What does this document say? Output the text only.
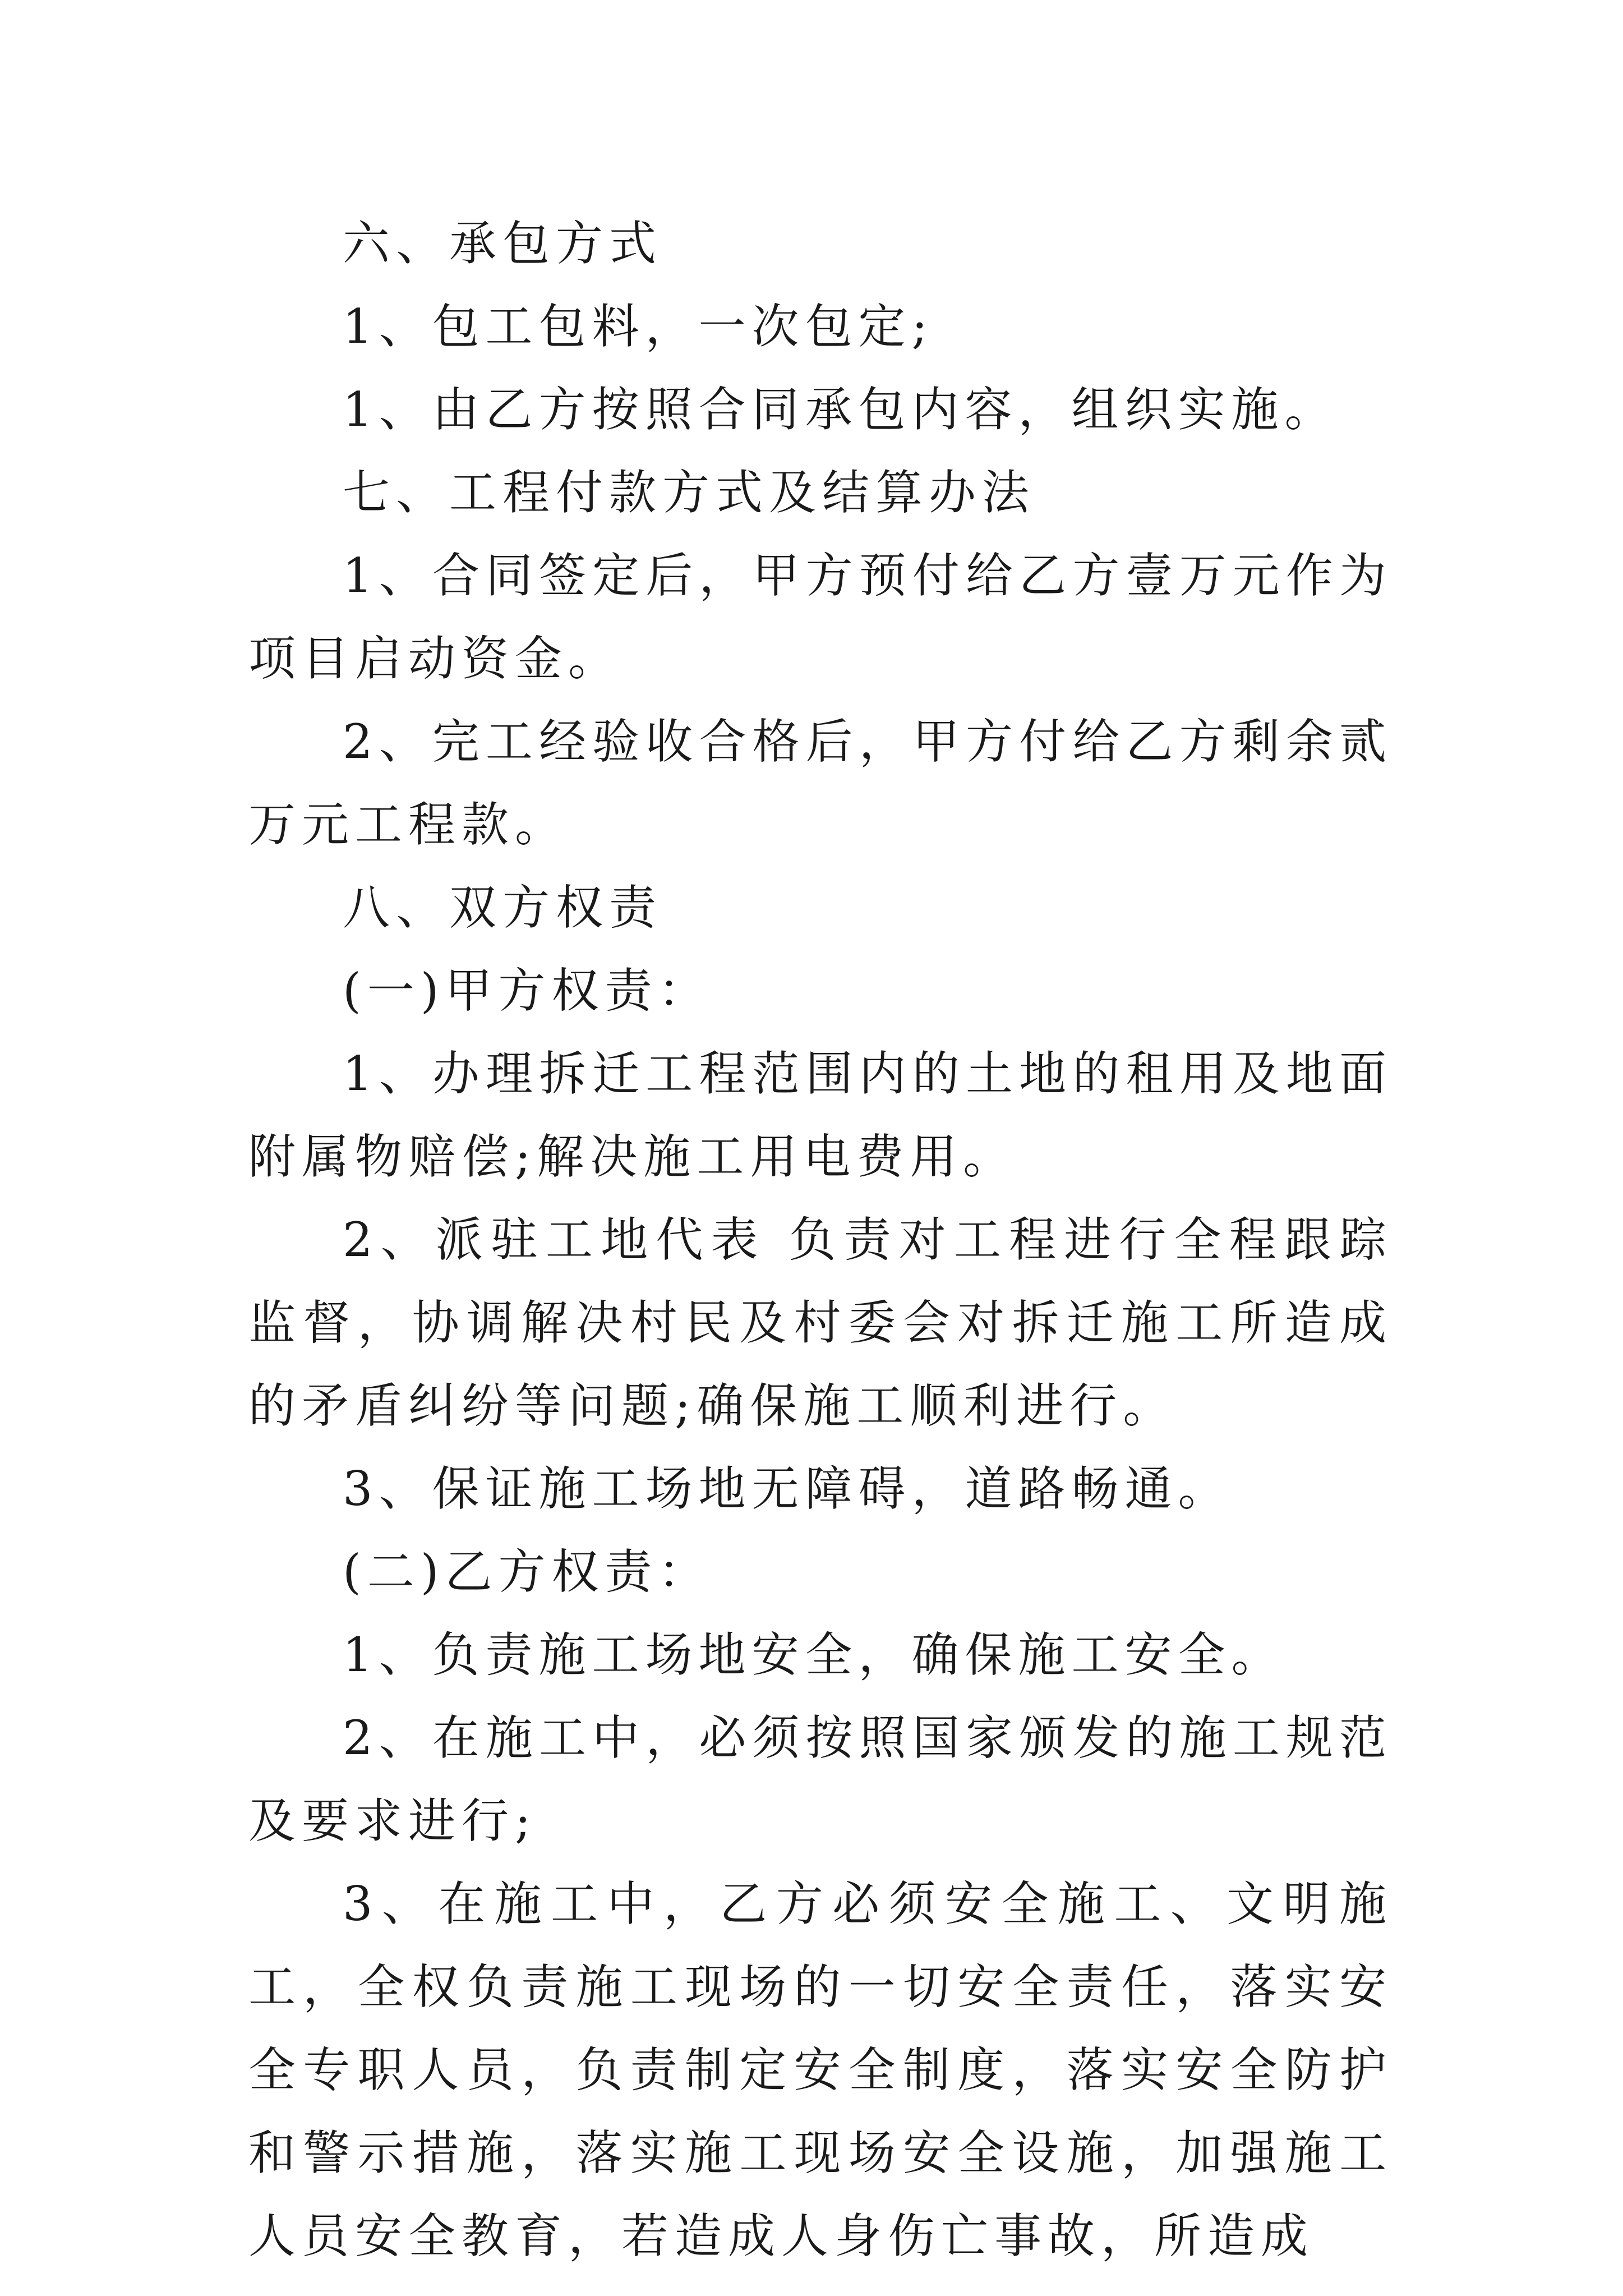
六、承包方式

1、包工包料，一次包定;

1、由乙方按照合同承包内容，组织实施。

七、工程付款方式及结算办法

1、合同签定后，甲方预付给乙方壹万元作为项目启动资金。

2、完工经验收合格后，甲方付给乙方剩余贰万元工程款。

八、双方权责

(一)甲方权责：

1、办理拆迁工程范围内的土地的租用及地面附属物赔偿;解决施工用电费用。

2、派驻工地代表 负责对工程进行全程跟踪监督，协调解决村民及村委会对拆迁施工所造成的矛盾纠纷等问题;确保施工顺利进行。

3、保证施工场地无障碍，道路畅通。

(二)乙方权责：

1、负责施工场地安全，确保施工安全。

2、在施工中，必须按照国家颁发的施工规范及要求进行;

3、在施工中，乙方必须安全施工、文明施工，全权负责施工现场的一切安全责任，落实安全专职人员，负责制定安全制度，落实安全防护和警示措施，落实施工现场安全设施，加强施工人员安全教育，若造成人身伤亡事故，所造成
